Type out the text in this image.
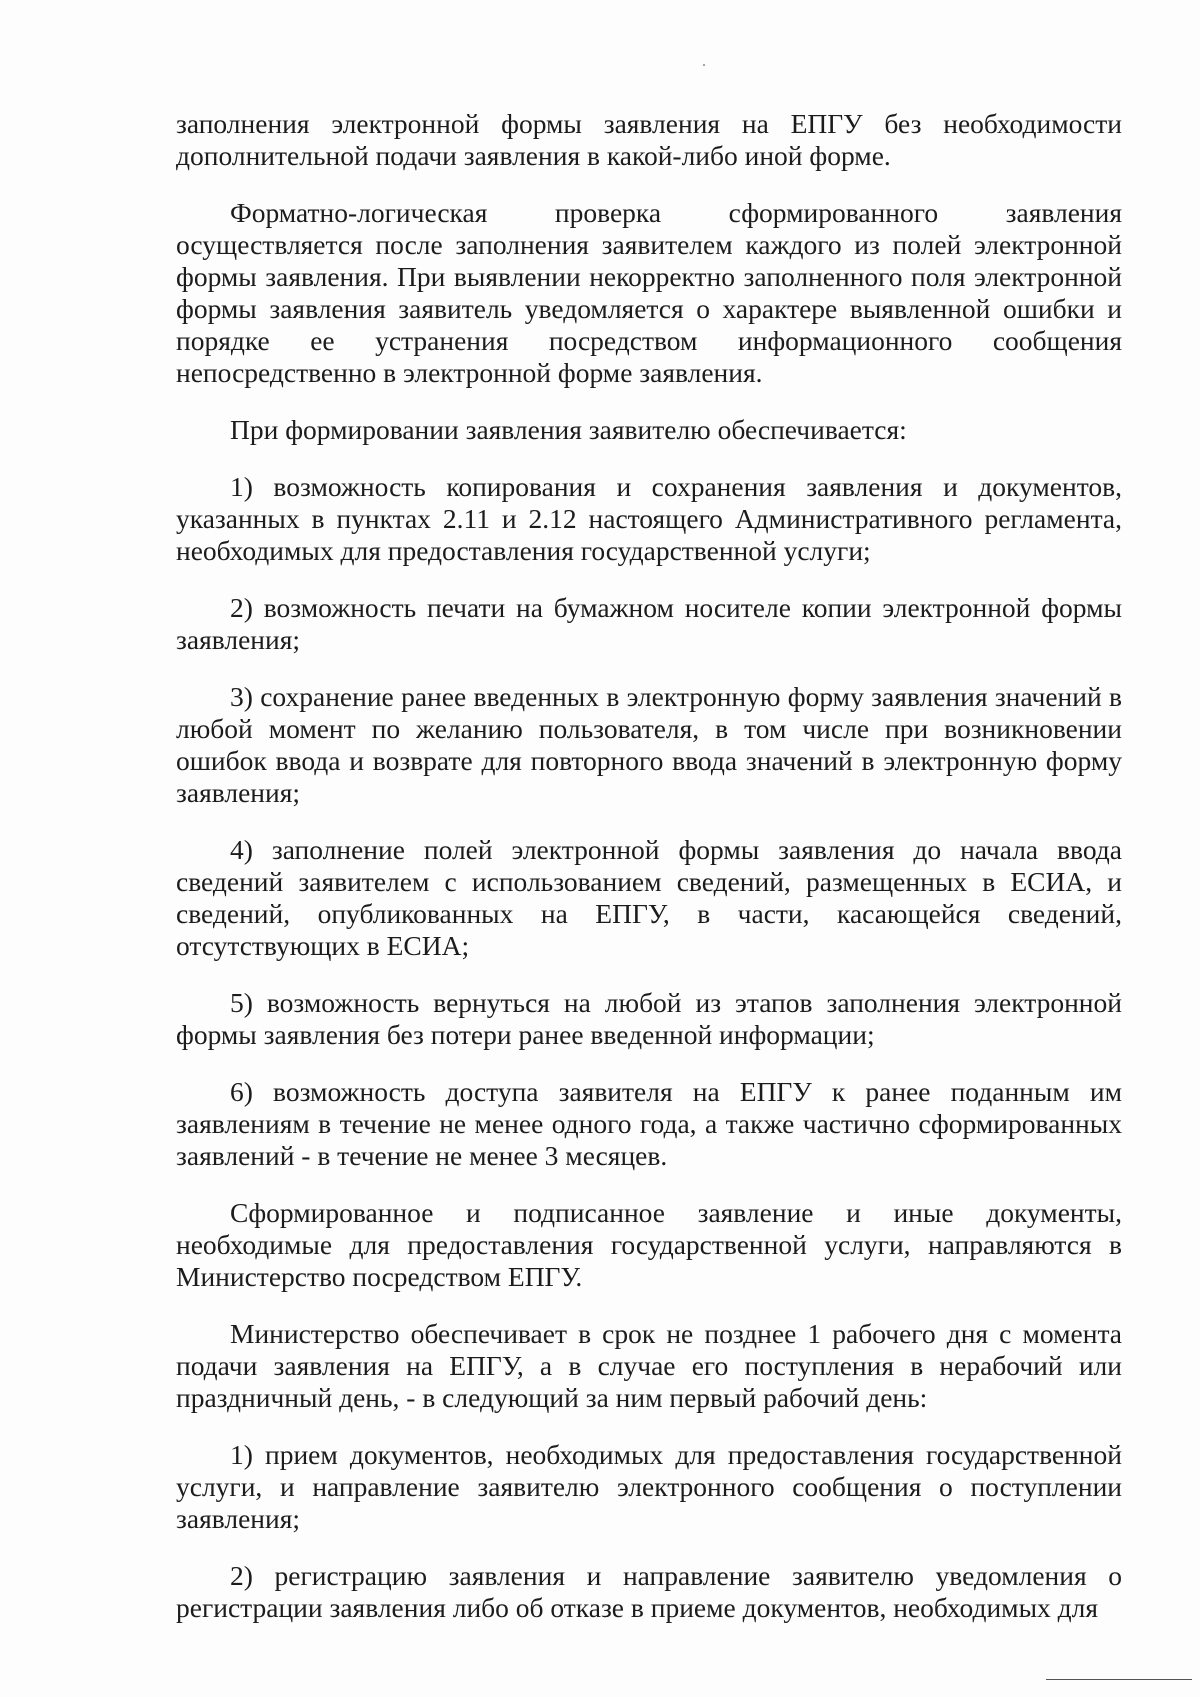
заполнения электронной формы заявления на ЕПГУ без необходимости дополнительной подачи заявления в какой-либо иной форме.

Форматно-логическая проверка сформированного заявления осуществляется после заполнения заявителем каждого из полей электронной формы заявления. При выявлении некорректно заполненного поля электронной формы заявления заявитель уведомляется о характере выявленной ошибки и порядке ее устранения посредством информационного сообщения непосредственно в электронной форме заявления.

При формировании заявления заявителю обеспечивается:

1) возможность копирования и сохранения заявления и документов, указанных в пунктах 2.11 и 2.12 настоящего Административного регламента, необходимых для предоставления государственной услуги;

2) возможность печати на бумажном носителе копии электронной формы заявления;

3) сохранение ранее введенных в электронную форму заявления значений в любой момент по желанию пользователя, в том числе при возникновении ошибок ввода и возврате для повторного ввода значений в электронную форму заявления;

4) заполнение полей электронной формы заявления до начала ввода сведений заявителем с использованием сведений, размещенных в ЕСИА, и сведений, опубликованных на ЕПГУ, в части, касающейся сведений, отсутствующих в ЕСИА;

5) возможность вернуться на любой из этапов заполнения электронной формы заявления без потери ранее введенной информации;

6) возможность доступа заявителя на ЕПГУ к ранее поданным им заявлениям в течение не менее одного года, а также частично сформированных заявлений - в течение не менее 3 месяцев.

Сформированное и подписанное заявление и иные документы, необходимые для предоставления государственной услуги, направляются в Министерство посредством ЕПГУ.

Министерство обеспечивает в срок не позднее 1 рабочего дня с момента подачи заявления на ЕПГУ, а в случае его поступления в нерабочий или праздничный день, - в следующий за ним первый рабочий день:

1) прием документов, необходимых для предоставления государственной услуги, и направление заявителю электронного сообщения о поступлении заявления;

2) регистрацию заявления и направление заявителю уведомления о регистрации заявления либо об отказе в приеме документов, необходимых для
